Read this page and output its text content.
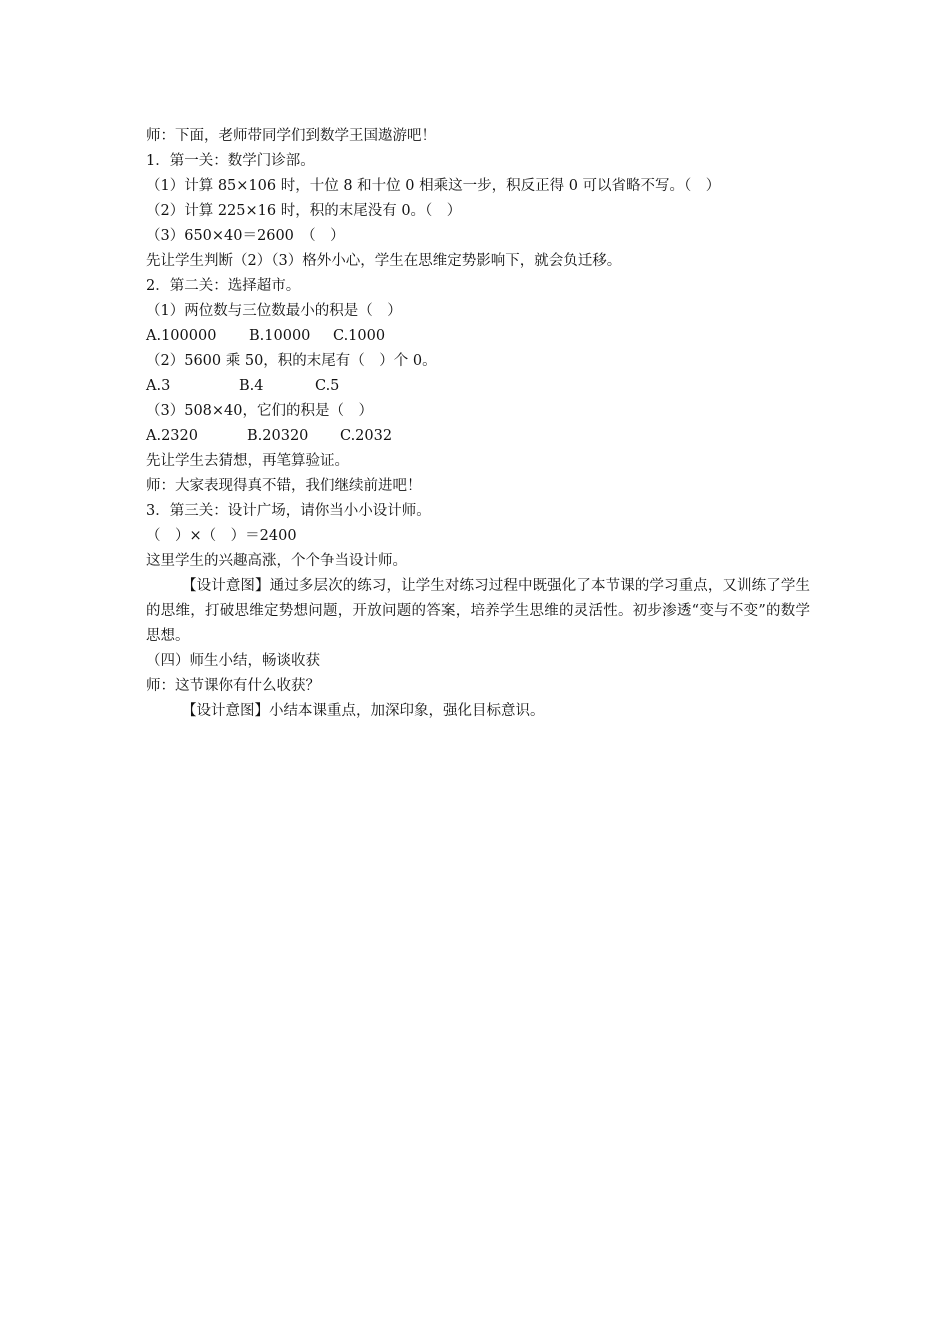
师：下面，老师带同学们到数学王国遨游吧！
1．第一关：数学门诊部。
（1）计算 85×106 时，十位 8 和十位 0 相乘这一步，积反正得 0 可以省略不写。（　）
（2）计算 225×16 时，积的末尾没有 0。（　）
（3）650×40＝2600　（　）
先让学生判断（2）（3）格外小心，学生在思维定势影响下，就会负迁移。
2．第二关：选择超市。
（1）两位数与三位数最小的积是（　）
A.100000	B.10000	C.1000
（2）5600 乘 50，积的末尾有（　）个 0。
A.3	B.4	C.5
（3）508×40，它们的积是（　）
A.2320	B.20320	C.2032
先让学生去猜想，再笔算验证。
师：大家表现得真不错，我们继续前进吧！
3．第三关：设计广场，请你当小小设计师。
（　）×（　）＝2400
这里学生的兴趣高涨，个个争当设计师。
【设计意图】通过多层次的练习，让学生对练习过程中既强化了本节课的学习重点，又训练了学生的思维，打破思维定势想问题，开放问题的答案，培养学生思维的灵活性。初步渗透“变与不变”的数学思想。
（四）师生小结，畅谈收获
师：这节课你有什么收获？
【设计意图】小结本课重点，加深印象，强化目标意识。
